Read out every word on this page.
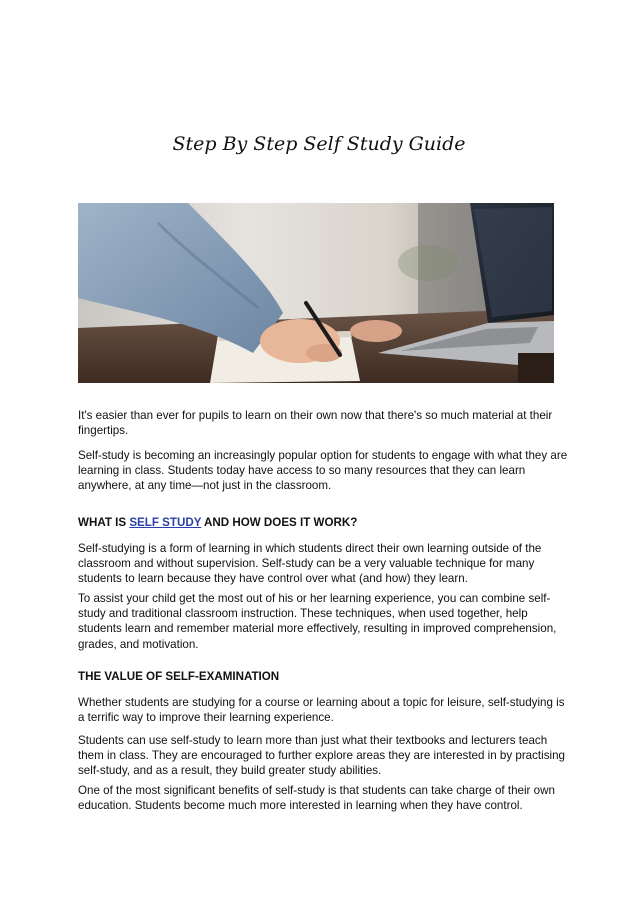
Step By Step Self Study Guide

It's easier than ever for pupils to learn on their own now that there's so much material at their fingertips.

Self-study is becoming an increasingly popular option for students to engage with what they are learning in class. Students today have access to so many resources that they can learn anywhere, at any time—not just in the classroom.

WHAT IS SELF STUDY AND HOW DOES IT WORK?

Self-studying is a form of learning in which students direct their own learning outside of the classroom and without supervision. Self-study can be a very valuable technique for many students to learn because they have control over what (and how) they learn.

To assist your child get the most out of his or her learning experience, you can combine self-study and traditional classroom instruction. These techniques, when used together, help students learn and remember material more effectively, resulting in improved comprehension, grades, and motivation.

THE VALUE OF SELF-EXAMINATION

Whether students are studying for a course or learning about a topic for leisure, self-studying is a terrific way to improve their learning experience.

Students can use self-study to learn more than just what their textbooks and lecturers teach them in class. They are encouraged to further explore areas they are interested in by practising self-study, and as a result, they build greater study abilities.

One of the most significant benefits of self-study is that students can take charge of their own education. Students become much more interested in learning when they have control.
